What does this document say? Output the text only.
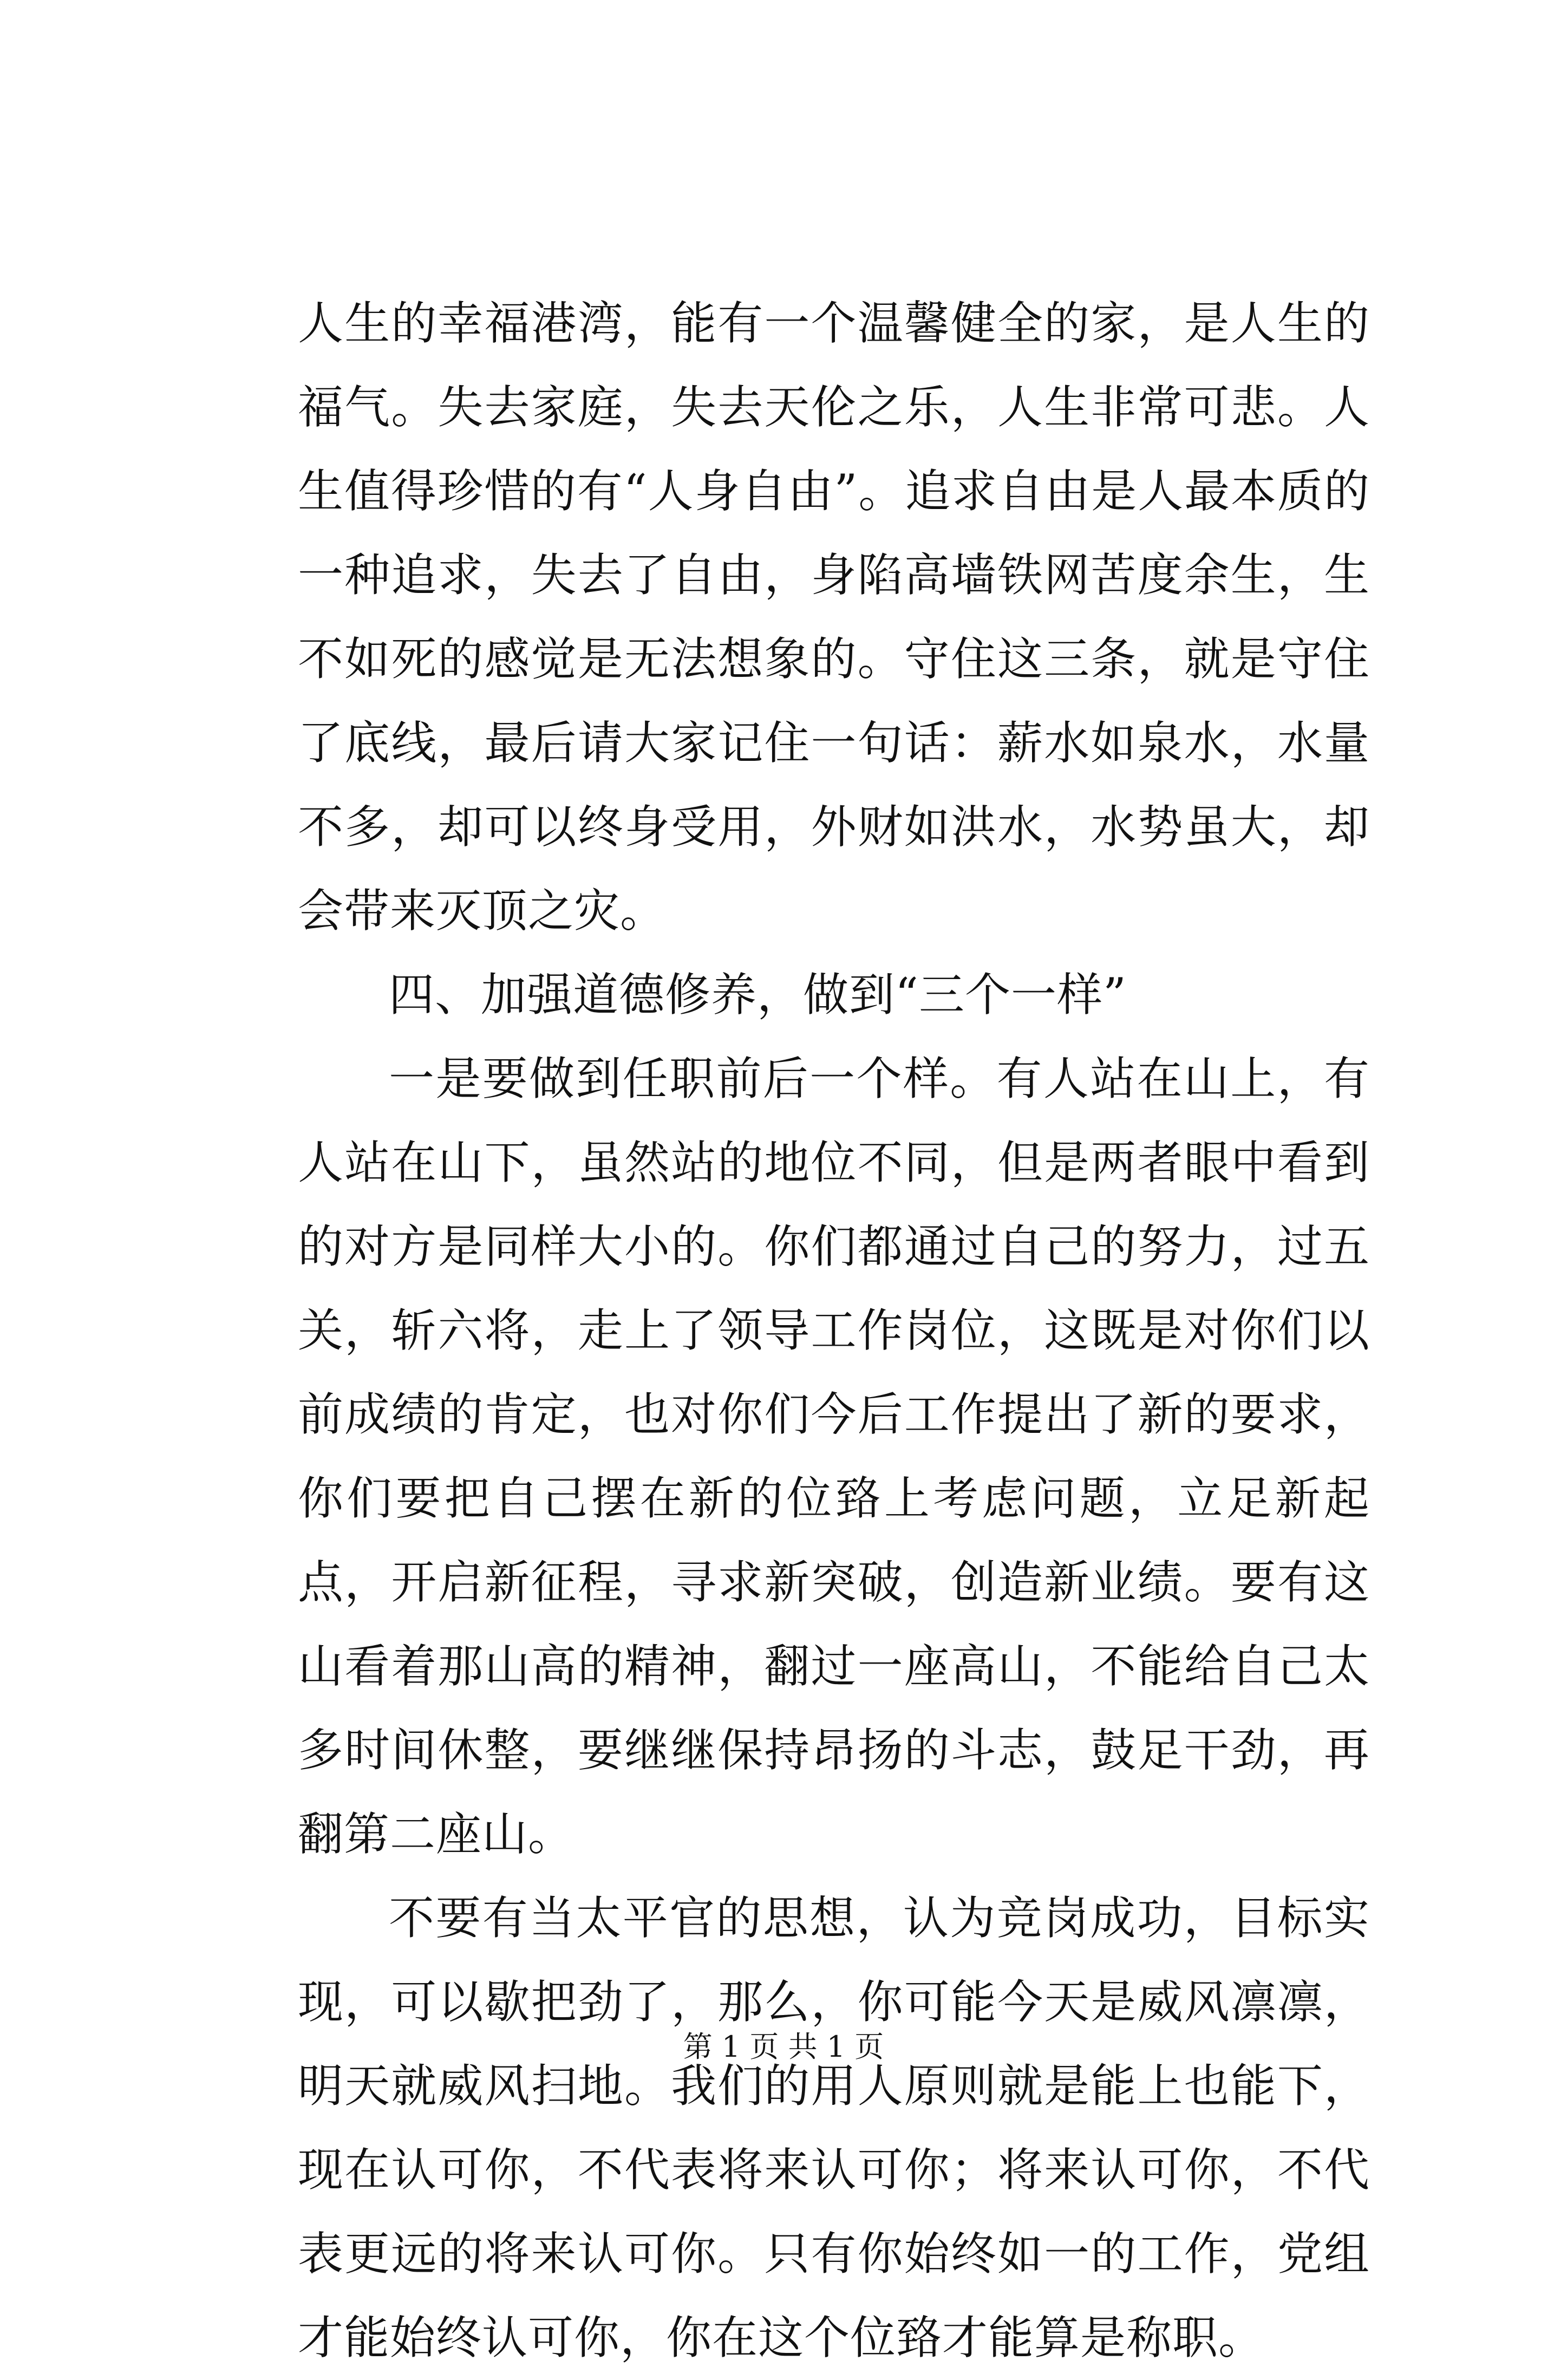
人生的幸福港湾，能有一个温馨健全的家，是人生的福气。失去家庭，失去天伦之乐，人生非常可悲。人生值得珍惜的有“人身自由”。追求自由是人最本质的一种追求，失去了自由，身陷高墙铁网苦度余生，生不如死的感觉是无法想象的。守住这三条，就是守住了底线，最后请大家记住一句话：薪水如泉水，水量不多，却可以终身受用，外财如洪水，水势虽大，却会带来灭顶之灾。

四、加强道德修养，做到“三个一样”

一是要做到任职前后一个样。有人站在山上，有人站在山下，虽然站的地位不同，但是两者眼中看到的对方是同样大小的。你们都通过自己的努力，过五关，斩六将，走上了领导工作岗位，这既是对你们以前成绩的肯定，也对你们今后工作提出了新的要求，你们要把自己摆在新的位臵上考虑问题，立足新起点，开启新征程，寻求新突破，创造新业绩。要有这山看着那山高的精神，翻过一座高山，不能给自己太多时间休整，要继继保持昂扬的斗志，鼓足干劲，再翻第二座山。

不要有当太平官的思想，认为竞岗成功，目标实现，可以歇把劲了，那么，你可能今天是威风凛凛，明天就威风扫地。我们的用人原则就是能上也能下，现在认可你，不代表将来认可你；将来认可你，不代表更远的将来认可你。只有你始终如一的工作，党组才能始终认可你，你在这个位臵才能算是称职。

第 1 页 共 1 页
